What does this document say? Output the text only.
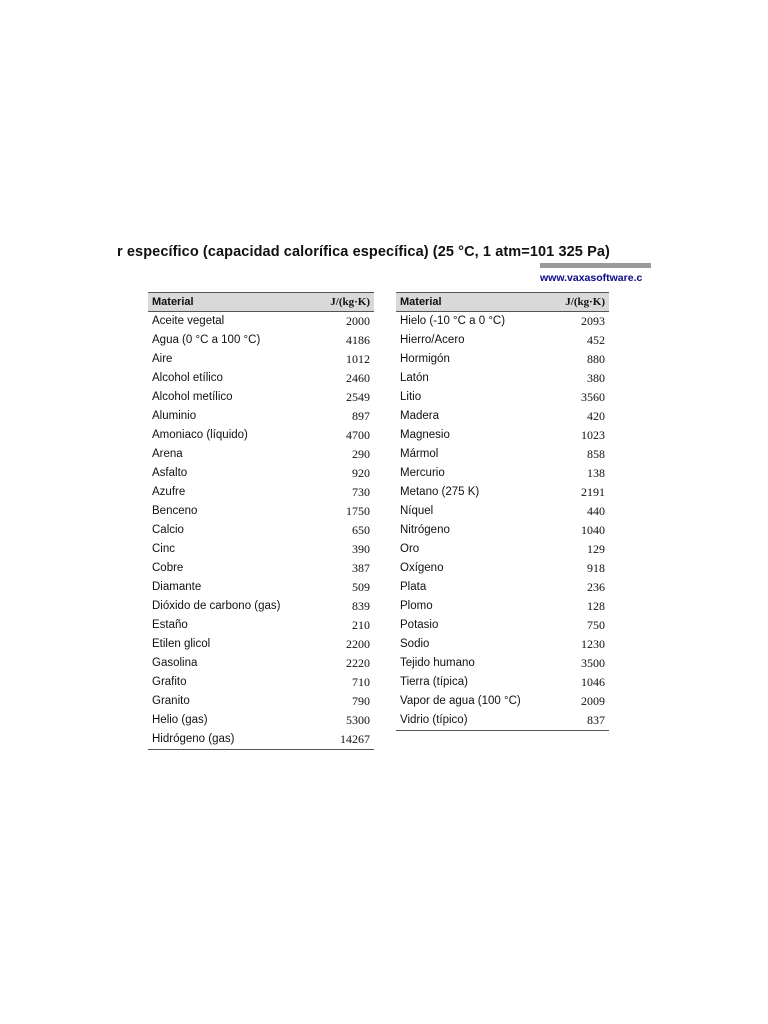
r específico (capacidad calorífica específica) (25 °C, 1 atm=101 325 Pa)
www.vaxasoftware.c
Material	J/(kg·K)
Aceite vegetal	2000
Agua (0 °C a 100 °C)	4186
Aire	1012
Alcohol etílico	2460
Alcohol metílico	2549
Aluminio	897
Amoniaco (líquido)	4700
Arena	290
Asfalto	920
Azufre	730
Benceno	1750
Calcio	650
Cinc	390
Cobre	387
Diamante	509
Dióxido de carbono (gas)	839
Estaño	210
Etilen glicol	2200
Gasolina	2220
Grafito	710
Granito	790
Helio (gas)	5300
Hidrógeno (gas)	14267
Material	J/(kg·K)
Hielo (-10 °C a 0 °C)	2093
Hierro/Acero	452
Hormigón	880
Latón	380
Litio	3560
Madera	420
Magnesio	1023
Mármol	858
Mercurio	138
Metano (275 K)	2191
Níquel	440
Nitrógeno	1040
Oro	129
Oxígeno	918
Plata	236
Plomo	128
Potasio	750
Sodio	1230
Tejido humano	3500
Tierra (típica)	1046
Vapor de agua (100 °C)	2009
Vidrio (típico)	837
